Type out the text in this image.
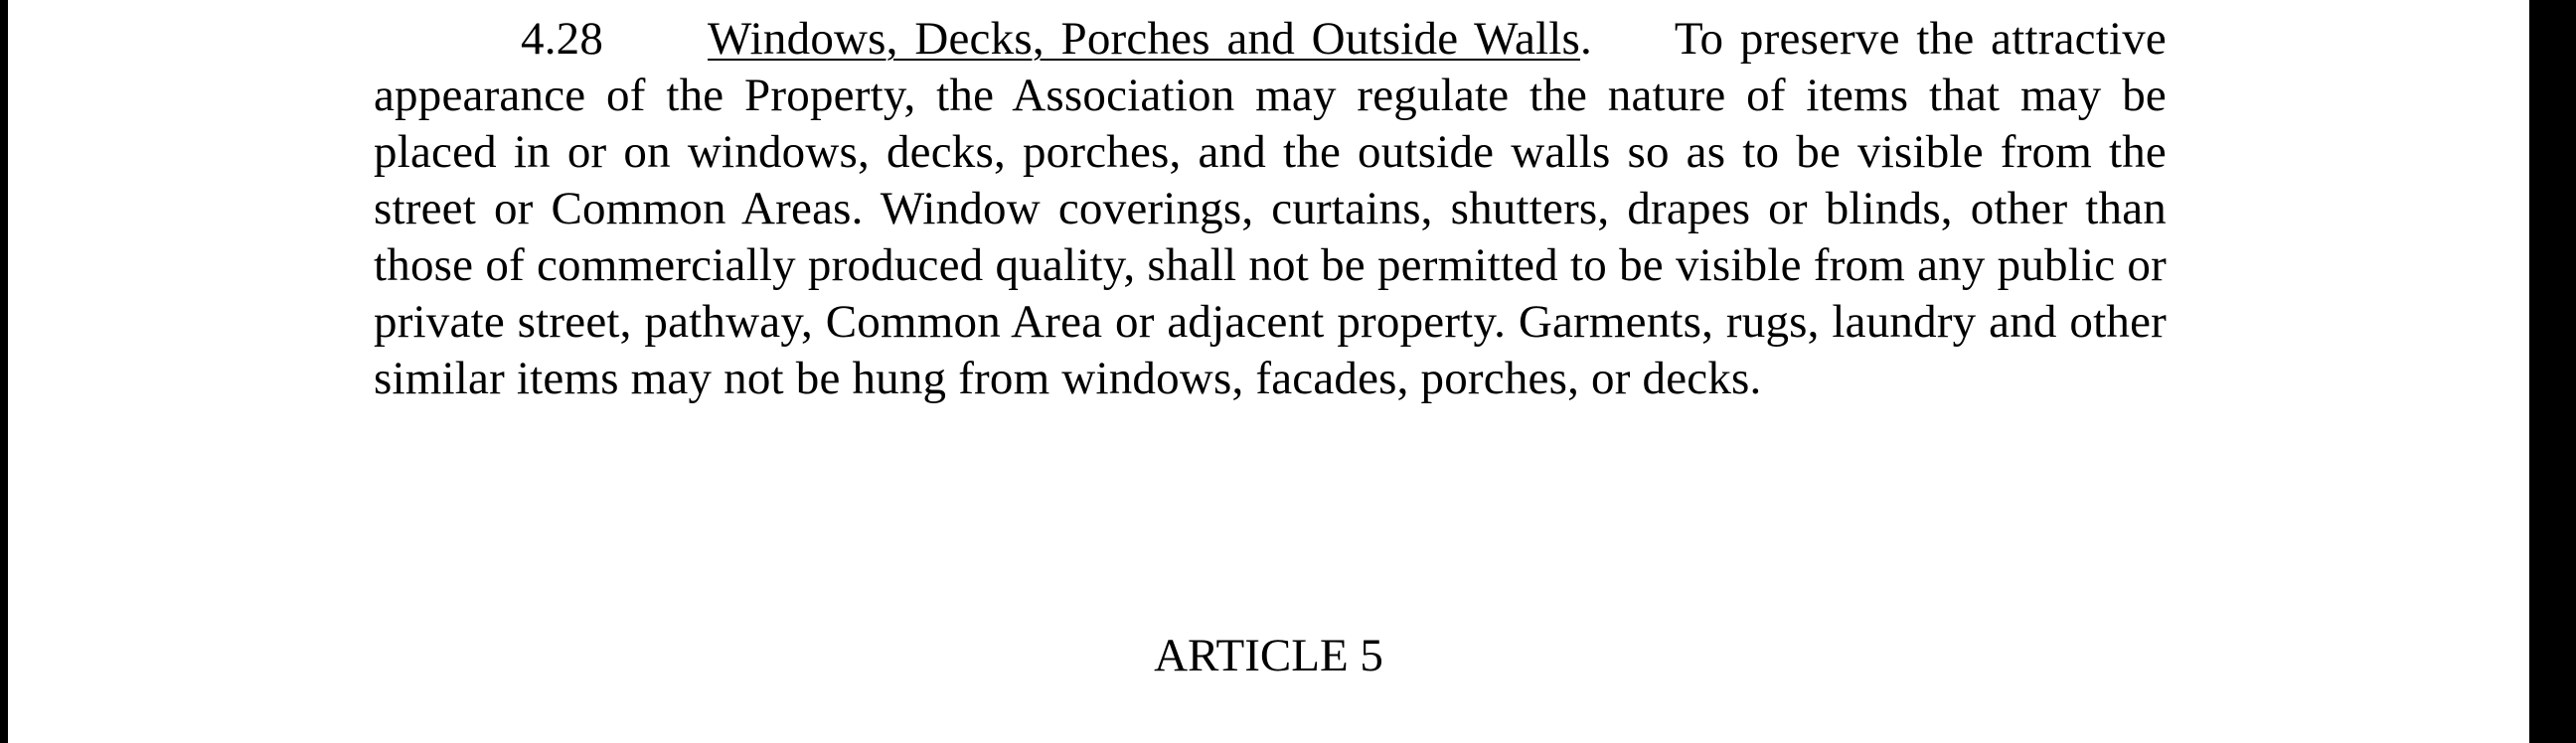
4.28 Windows, Decks, Porches and Outside Walls. To preserve the attractive appearance of the Property, the Association may regulate the nature of items that may be placed in or on windows, decks, porches, and the outside walls so as to be visible from the street or Common Areas. Window coverings, curtains, shutters, drapes or blinds, other than those of commercially produced quality, shall not be permitted to be visible from any public or private street, pathway, Common Area or adjacent property. Garments, rugs, laundry and other similar items may not be hung from windows, facades, porches, or decks.

ARTICLE 5
